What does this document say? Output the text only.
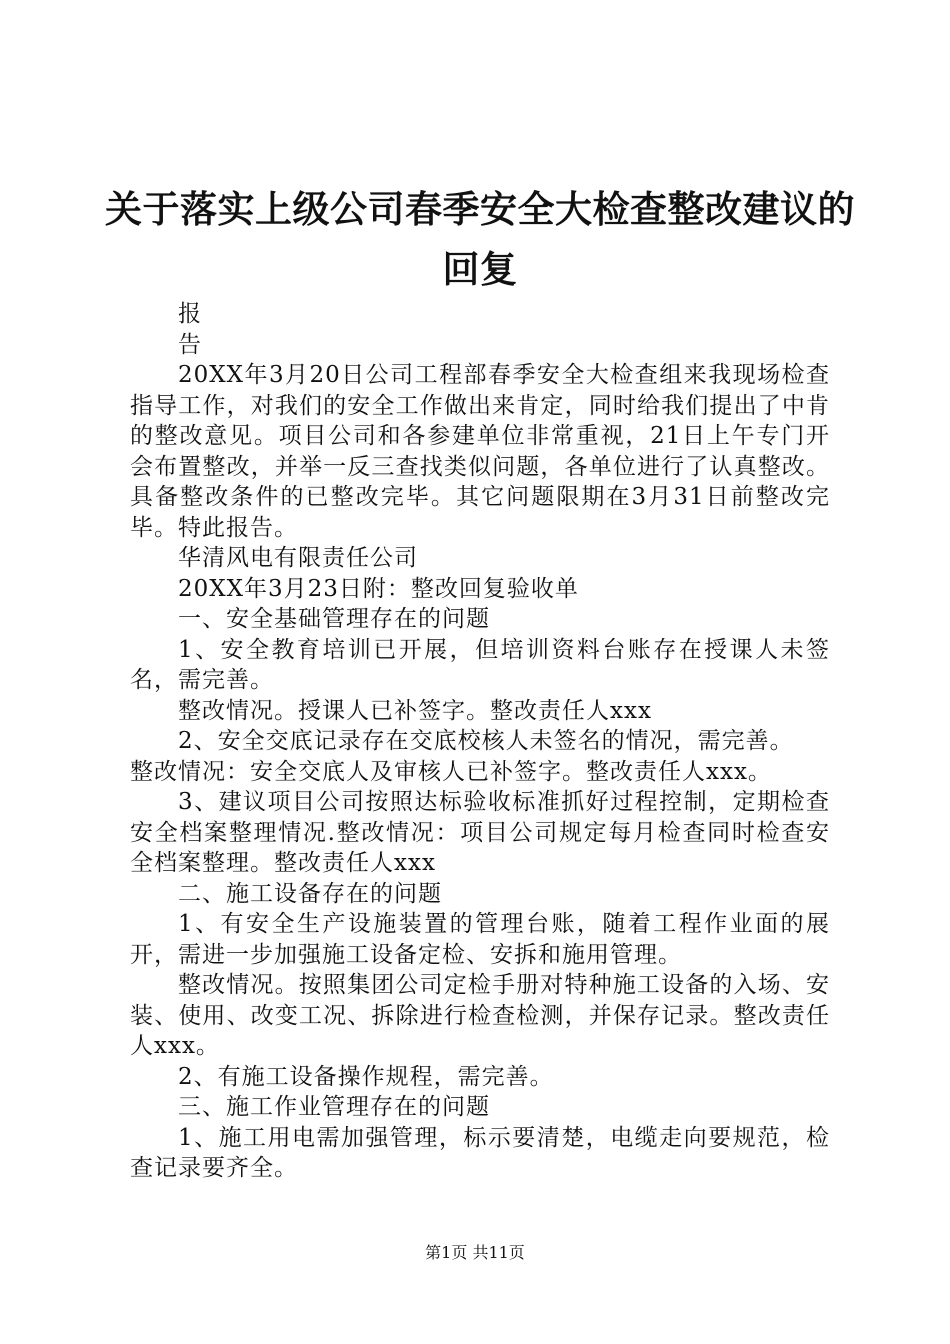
关于落实上级公司春季安全大检查整改建议的
回复

报

告

20XX年3月20日公司工程部春季安全大检查组来我现场检查指导工作，对我们的安全工作做出来肯定，同时给我们提出了中肯的整改意见。项目公司和各参建单位非常重视，21日上午专门开会布置整改，并举一反三查找类似问题，各单位进行了认真整改。具备整改条件的已整改完毕。其它问题限期在3月31日前整改完毕。特此报告。

华清风电有限责任公司

20XX年3月23日附：整改回复验收单

一、安全基础管理存在的问题

1、安全教育培训已开展，但培训资料台账存在授课人未签名，需完善。

整改情况。授课人已补签字。整改责任人xxx

2、安全交底记录存在交底校核人未签名的情况，需完善。

整改情况：安全交底人及审核人已补签字。整改责任人xxx。

3、建议项目公司按照达标验收标准抓好过程控制，定期检查安全档案整理情况.整改情况：项目公司规定每月检查同时检查安全档案整理。整改责任人xxx

二、施工设备存在的问题

1、有安全生产设施装置的管理台账，随着工程作业面的展开，需进一步加强施工设备定检、安拆和施用管理。

整改情况。按照集团公司定检手册对特种施工设备的入场、安装、使用、改变工况、拆除进行检查检测，并保存记录。整改责任人xxx。

2、有施工设备操作规程，需完善。

三、施工作业管理存在的问题

1、施工用电需加强管理，标示要清楚，电缆走向要规范，检查记录要齐全。

第1页 共11页
